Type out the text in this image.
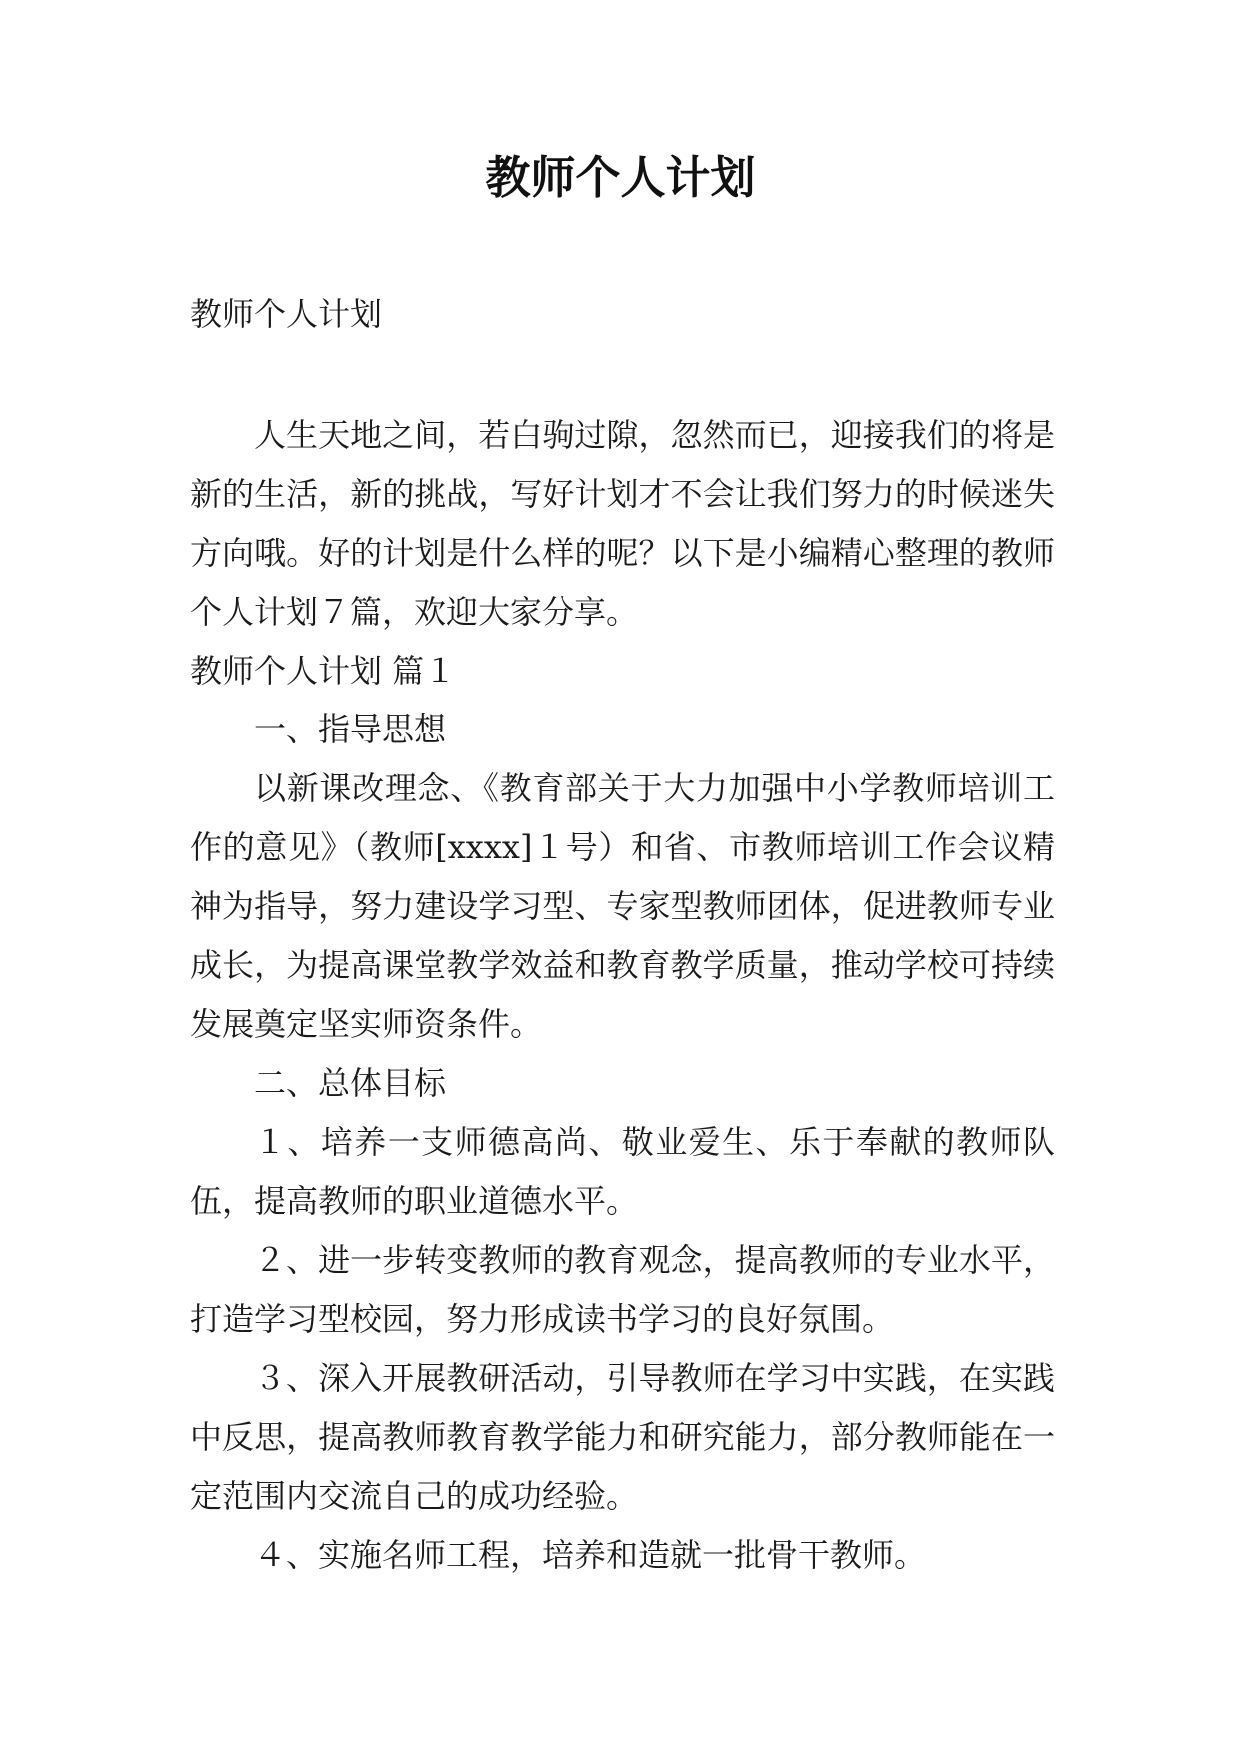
教师个人计划
教师个人计划

人生天地之间，若白驹过隙，忽然而已，迎接我们的将是新的生活，新的挑战，写好计划才不会让我们努力的时候迷失方向哦。好的计划是什么样的呢？以下是小编精心整理的教师个人计划７篇，欢迎大家分享。

教师个人计划 篇１

一、指导思想

以新课改理念、《教育部关于大力加强中小学教师培训工作的意见》（教师[xxxx]１号）和省、市教师培训工作会议精神为指导，努力建设学习型、专家型教师团体，促进教师专业成长，为提高课堂教学效益和教育教学质量，推动学校可持续发展奠定坚实师资条件。

二、总体目标

１、培养一支师德高尚、敬业爱生、乐于奉献的教师队伍，提高教师的职业道德水平。

２、进一步转变教师的教育观念，提高教师的专业水平，打造学习型校园，努力形成读书学习的良好氛围。

３、深入开展教研活动，引导教师在学习中实践，在实践中反思，提高教师教育教学能力和研究能力，部分教师能在一定范围内交流自己的成功经验。

４、实施名师工程，培养和造就一批骨干教师。
